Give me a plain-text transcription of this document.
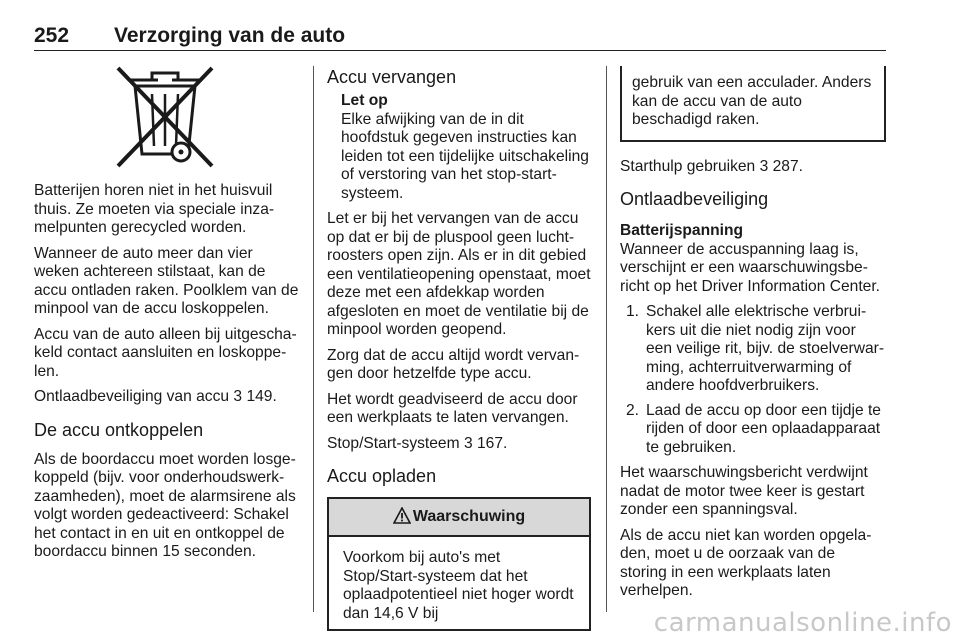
252 Verzorging van de auto

Batterijen horen niet in het huisvuil thuis. Ze moeten via speciale inzamelpunten gerecycled worden.

Wanneer de auto meer dan vier weken achtereen stilstaat, kan de accu ontladen raken. Poolklem van de minpool van de accu loskoppelen.

Accu van de auto alleen bij uitgeschakeld contact aansluiten en loskoppelen.

Ontlaadbeveiliging van accu 3 149.

De accu ontkoppelen

Als de boordaccu moet worden losgekoppeld (bijv. voor onderhoudswerkzaamheden), moet de alarmsirene als volgt worden gedeactiveerd: Schakel het contact in en uit en ontkoppel de boordaccu binnen 15 seconden.

Accu vervangen
Let op
Elke afwijking van de in dit hoofdstuk gegeven instructies kan leiden tot een tijdelijke uitschakeling of verstoring van het stop-start-systeem.

Let er bij het vervangen van de accu op dat er bij de pluspool geen luchtroosters open zijn. Als er in dit gebied een ventilatieopening openstaat, moet deze met een afdekkap worden afgesloten en moet de ventilatie bij de minpool worden geopend.

Zorg dat de accu altijd wordt vervangen door hetzelfde type accu.

Het wordt geadviseerd de accu door een werkplaats te laten vervangen.

Stop/Start-systeem 3 167.

Accu opladen
Waarschuwing
Voorkom bij auto's met Stop/Start-systeem dat het oplaadpotentieel niet hoger wordt dan 14,6 V bij
gebruik van een acculader. Anders kan de accu van de auto beschadigd raken.

Starthulp gebruiken 3 287.

Ontlaadbeveiliging
Batterijspanning

Wanneer de accuspanning laag is, verschijnt er een waarschuwingsbericht op het Driver Information Center.

1. Schakel alle elektrische verbruikers uit die niet nodig zijn voor een veilige rit, bijv. de stoelverwarming, achterruitverwarming of andere hoofdverbruikers.
2. Laad de accu op door een tijdje te rijden of door een oplaadapparaat te gebruiken.

Het waarschuwingsbericht verdwijnt nadat de motor twee keer is gestart zonder een spanningsval.

Als de accu niet kan worden opgeladen, moet u de oorzaak van de storing in een werkplaats laten verhelpen.

carmanualsonline.info
